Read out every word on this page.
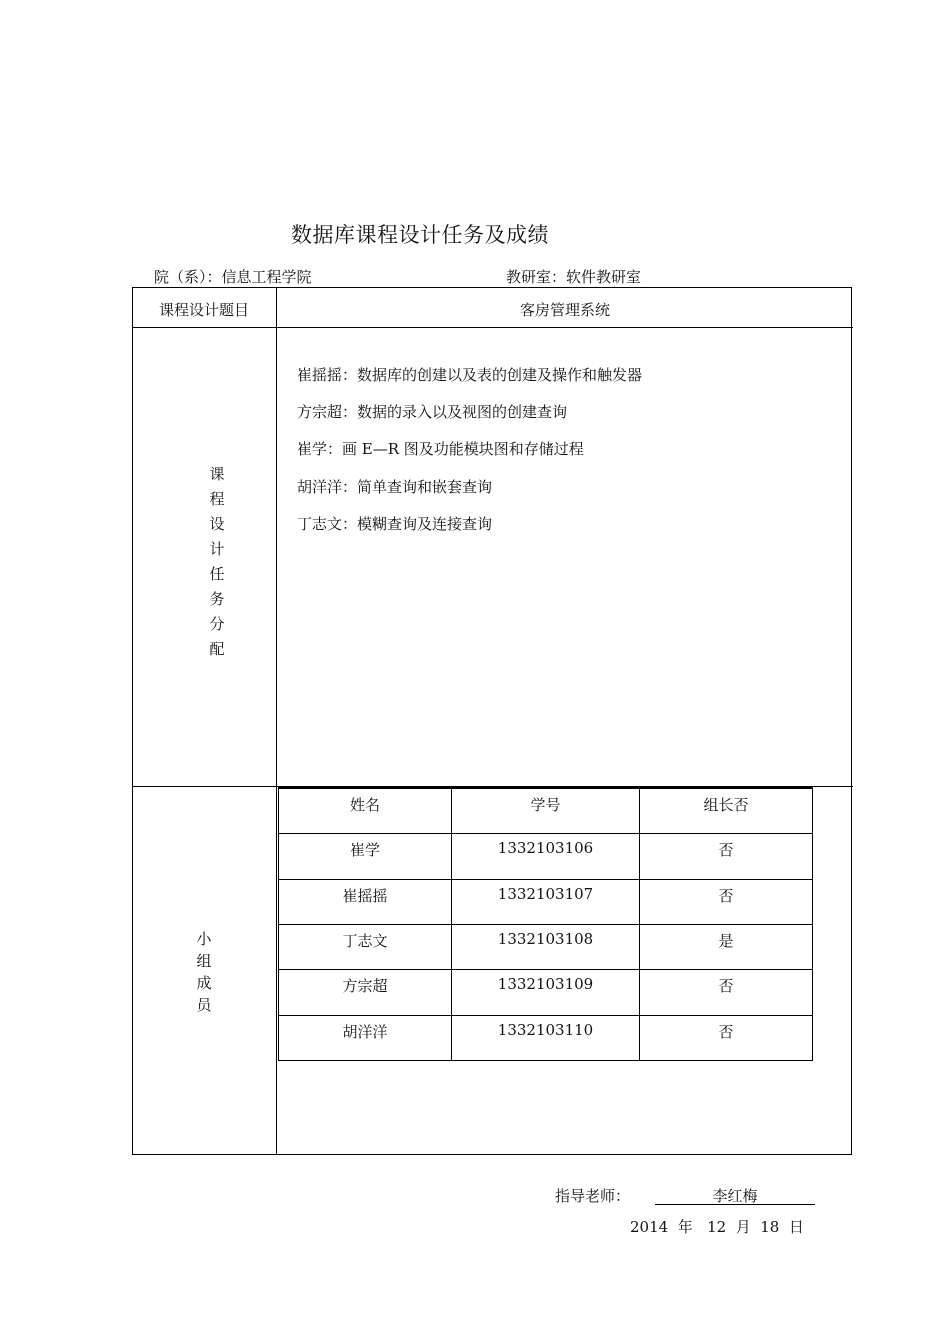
数据库课程设计任务及成绩
院（系）：信息工程学院	教研室：软件教研室
课程设计题目	客房管理系统
课
程
设
计
任
务
分
配
崔摇摇：数据库的创建以及表的创建及操作和触发器
方宗超：数据的录入以及视图的创建查询
崔学：画 E—R 图及功能模块图和存储过程
胡洋洋：简单查询和嵌套查询
丁志文：模糊查询及连接查询
小
组
成
员
姓名	学号	组长否
崔学	1332103106	否
崔摇摇	1332103107	否
丁志文	1332103108	是
方宗超	1332103109	否
胡洋洋	1332103110	否
指导老师：	李红梅
2014 年 12 月 18 日
